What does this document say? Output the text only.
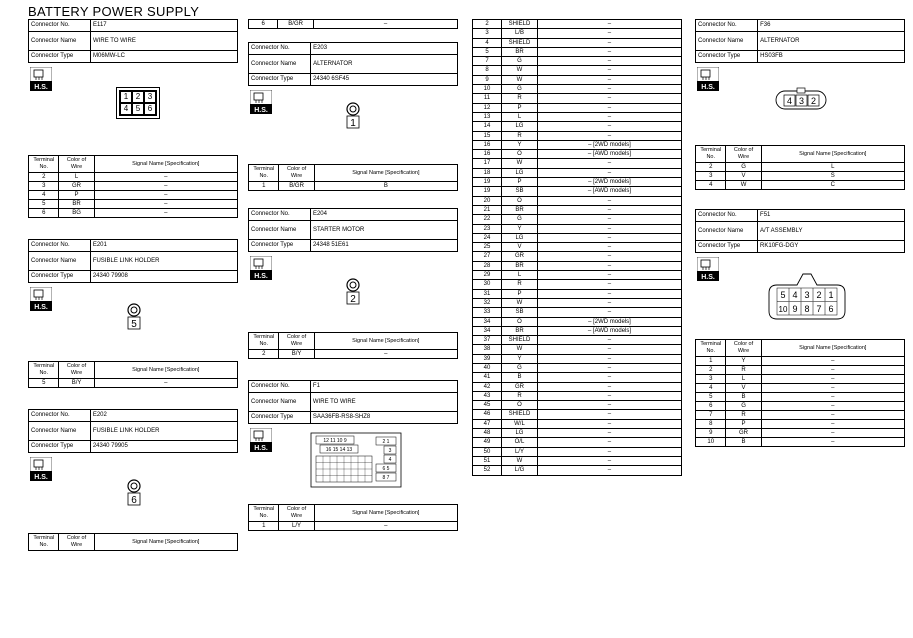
BATTERY POWER SUPPLY
Connector No.	E117
Connector Name	WIRE TO WIRE
Connector Type	M06MW-LC
H.S.
1 2 3
4 5 6
Terminal No.	Color of Wire	Signal Name [Specification]
2	L	–
3	GR	–
4	P	–
5	BR	–
6	BG	–
Connector No.	E201
Connector Name	FUSIBLE LINK HOLDER
Connector Type	24340 79908
H.S.
5
Terminal No.	Color of Wire	Signal Name [Specification]
5	B/Y	–
Connector No.	E202
Connector Name	FUSIBLE LINK HOLDER
Connector Type	24340 79905
H.S.
6
Terminal No.	Color of Wire	Signal Name [Specification]
6	B/GR	–
Connector No.	E203
Connector Name	ALTERNATOR
Connector Type	24340 6SF45
H.S.
1
Terminal No.	Color of Wire	Signal Name [Specification]
1	B/GR	B
Connector No.	E204
Connector Name	STARTER MOTOR
Connector Type	24348 51E61
H.S.
2
Terminal No.	Color of Wire	Signal Name [Specification]
2	B/Y	–
Connector No.	F1
Connector Name	WIRE TO WIRE
Connector Type	SAA36FB-RS8-SHZ8
H.S.
12 11 10 9
16 15 14 13
2 1
3
4
6 5
8 7
Terminal No.	Color of Wire	Signal Name [Specification]
1	L/Y	–
2	SHIELD	–
3	L/B	–
4	SHIELD	–
5	BR	–
7	G	–
8	W	–
9	W	–
10	G	–
11	R	–
12	P	–
13	L	–
14	LG	–
15	R	–
16	Y	– [2WD models]
16	O	– [AWD models]
17	W	–
18	LG	–
19	P	– [2WD models]
19	SB	– [AWD models]
20	O	–
21	BR	–
22	G	–
23	Y	–
24	LG	–
25	V	–
27	GR	–
28	BR	–
29	L	–
30	R	–
31	P	–
32	W	–
33	SB	–
34	O	– [2WD models]
34	BR	– [AWD models]
37	SHIELD	–
38	W	–
39	Y	–
40	G	–
41	B	–
42	GR	–
43	R	–
45	O	–
46	SHIELD	–
47	W/L	–
48	LG	–
49	O/L	–
50	L/Y	–
51	W	–
52	L/G	–
Connector No.	F36
Connector Name	ALTERNATOR
Connector Type	HS03FB
H.S.
4 3 2
Terminal No.	Color of Wire	Signal Name [Specification]
2	G	L
3	V	S
4	W	C
Connector No.	F51
Connector Name	A/T ASSEMBLY
Connector Type	RK10FG-DGY
H.S.
5 4 3 2 1
10 9 8 7 6
Terminal No.	Color of Wire	Signal Name [Specification]
1	Y	–
2	R	–
3	L	–
4	V	–
5	B	–
6	G	–
7	R	–
8	P	–
9	GR	–
10	B	–
